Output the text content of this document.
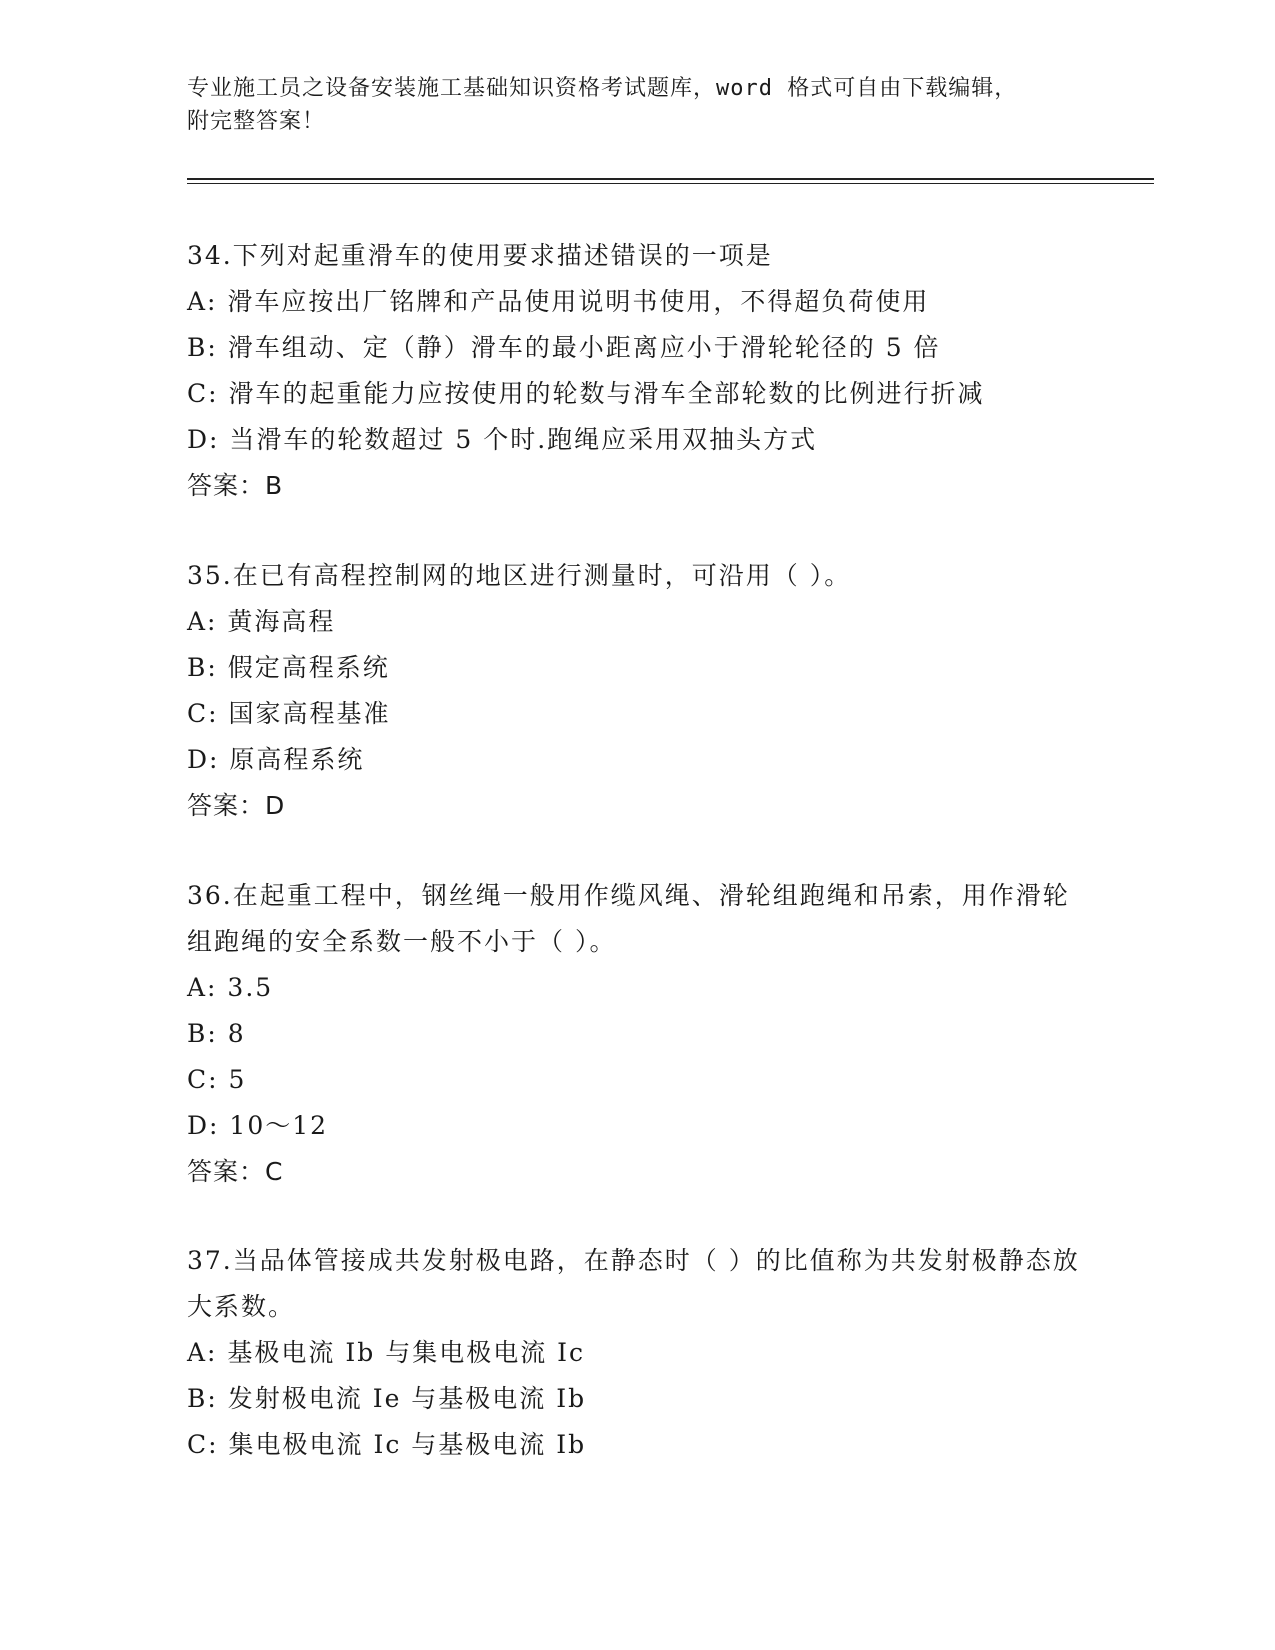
专业施工员之设备安装施工基础知识资格考试题库，word 格式可自由下载编辑，
附完整答案！
34.下列对起重滑车的使用要求描述错误的一项是
A: 滑车应按出厂铭牌和产品使用说明书使用，不得超负荷使用
B: 滑车组动、定（静）滑车的最小距离应小于滑轮轮径的 5 倍
C: 滑车的起重能力应按使用的轮数与滑车全部轮数的比例进行折减
D: 当滑车的轮数超过 5 个时.跑绳应采用双抽头方式
答案：B
35.在已有高程控制网的地区进行测量时，可沿用（ ）。
A: 黄海高程
B: 假定高程系统
C: 国家高程基准
D: 原高程系统
答案：D
36.在起重工程中，钢丝绳一般用作缆风绳、滑轮组跑绳和吊索，用作滑轮组跑绳的安全系数一般不小于（ ）。
A: 3.5
B: 8
C: 5
D: 10～12
答案：C
37.当品体管接成共发射极电路，在静态时（ ）的比值称为共发射极静态放大系数。
A: 基极电流 Ib 与集电极电流 Ic
B: 发射极电流 Ie 与基极电流 Ib
C: 集电极电流 Ic 与基极电流 Ib
